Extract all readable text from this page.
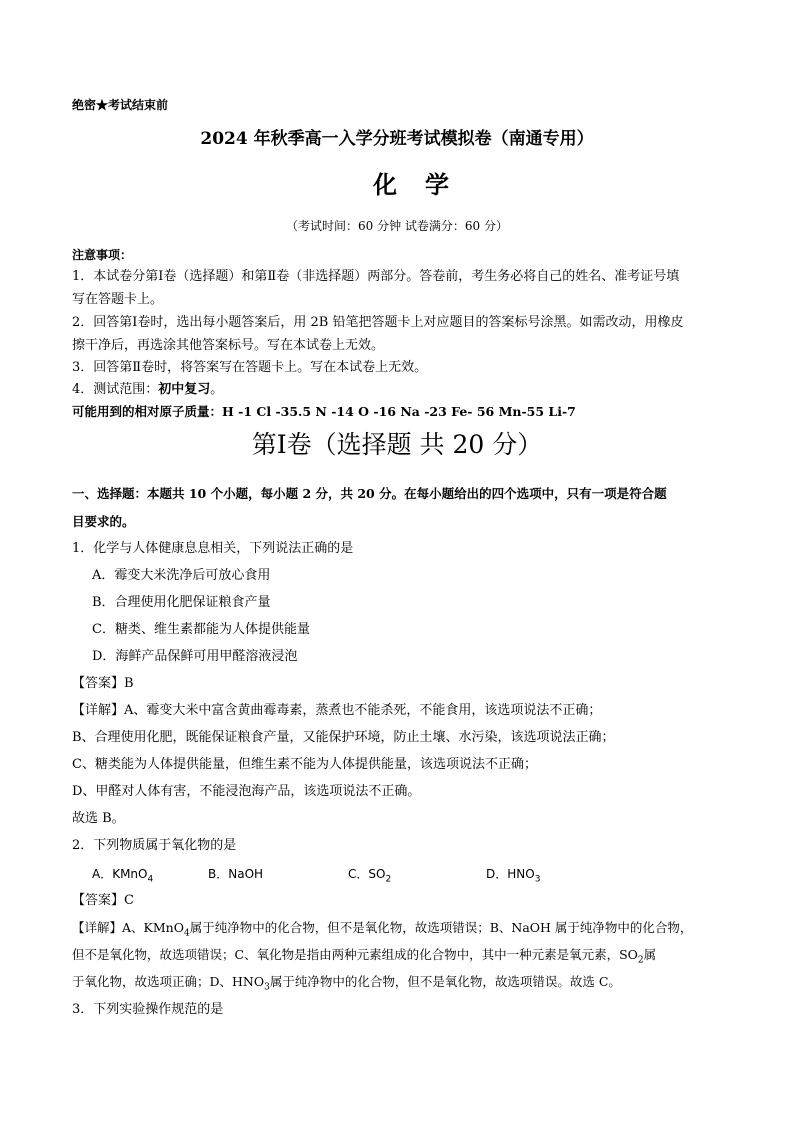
绝密★考试结束前
2024 年秋季高一入学分班考试模拟卷（南通专用）
化学
（考试时间：60 分钟 试卷满分：60 分）
注意事项：
1．本试卷分第Ⅰ卷（选择题）和第Ⅱ卷（非选择题）两部分。答卷前，考生务必将自己的姓名、准考证号填
写在答题卡上。
2．回答第Ⅰ卷时，选出每小题答案后，用 2B 铅笔把答题卡上对应题目的答案标号涂黑。如需改动，用橡皮
擦干净后，再选涂其他答案标号。写在本试卷上无效。
3．回答第Ⅱ卷时，将答案写在答题卡上。写在本试卷上无效。
4．测试范围：初中复习。
可能用到的相对原子质量：H -1 Cl -35.5 N -14 O -16 Na -23 Fe- 56 Mn-55 Li-7
第Ⅰ卷（选择题 共 20 分）
一、选择题：本题共 10 个小题，每小题 2 分，共 20 分。在每小题给出的四个选项中，只有一项是符合题
目要求的。
1．化学与人体健康息息相关，下列说法正确的是
A．霉变大米洗净后可放心食用
B．合理使用化肥保证粮食产量
C．糖类、维生素都能为人体提供能量
D．海鲜产品保鲜可用甲醛溶液浸泡
【答案】B
【详解】A、霉变大米中富含黄曲霉毒素，蒸煮也不能杀死，不能食用，该选项说法不正确；
B、合理使用化肥，既能保证粮食产量，又能保护环境，防止土壤、水污染，该选项说法正确；
C、糖类能为人体提供能量，但维生素不能为人体提供能量，该选项说法不正确；
D、甲醛对人体有害，不能浸泡海产品，该选项说法不正确。
故选 B。
2．下列物质属于氧化物的是
A．KMnO$_4$	B．NaOH	C．$SO_2$	D．$HNO_3$
【答案】C
【详解】A、KMnO$_4$属于纯净物中的化合物，但不是氧化物，故选项错误；B、NaOH 属于纯净物中的化合物，
但不是氧化物，故选项错误；C、氧化物是指由两种元素组成的化合物中，其中一种元素是氧元素，$SO_2$属
于氧化物，故选项正确；D、$HNO_3$属于纯净物中的化合物，但不是氧化物，故选项错误。故选 C。
3．下列实验操作规范的是
